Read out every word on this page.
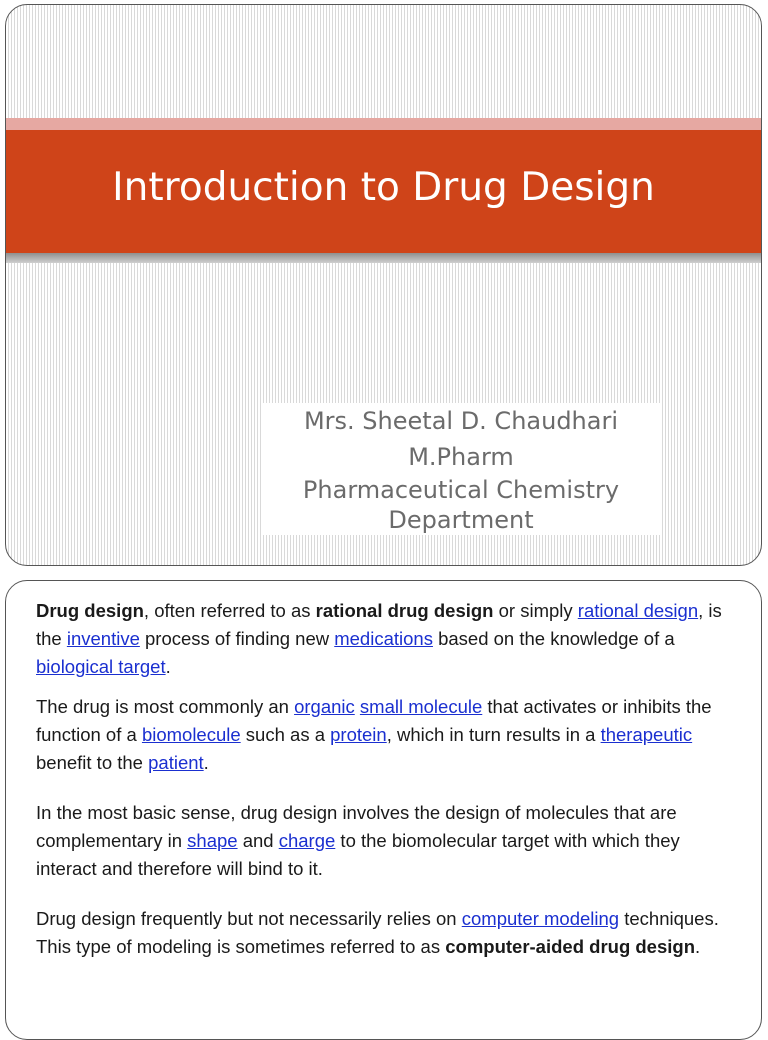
Introduction to Drug Design
Mrs. Sheetal D. Chaudhari
M.Pharm
Pharmaceutical Chemistry
Department

Drug design, often referred to as rational drug design or simply rational design, is the inventive process of finding new medications based on the knowledge of a biological target.

The drug is most commonly an organic small molecule that activates or inhibits the function of a biomolecule such as a protein, which in turn results in a therapeutic benefit to the patient.

In the most basic sense, drug design involves the design of molecules that are complementary in shape and charge to the biomolecular target with which they interact and therefore will bind to it.

Drug design frequently but not necessarily relies on computer modeling techniques. This type of modeling is sometimes referred to as computer-aided drug design.
